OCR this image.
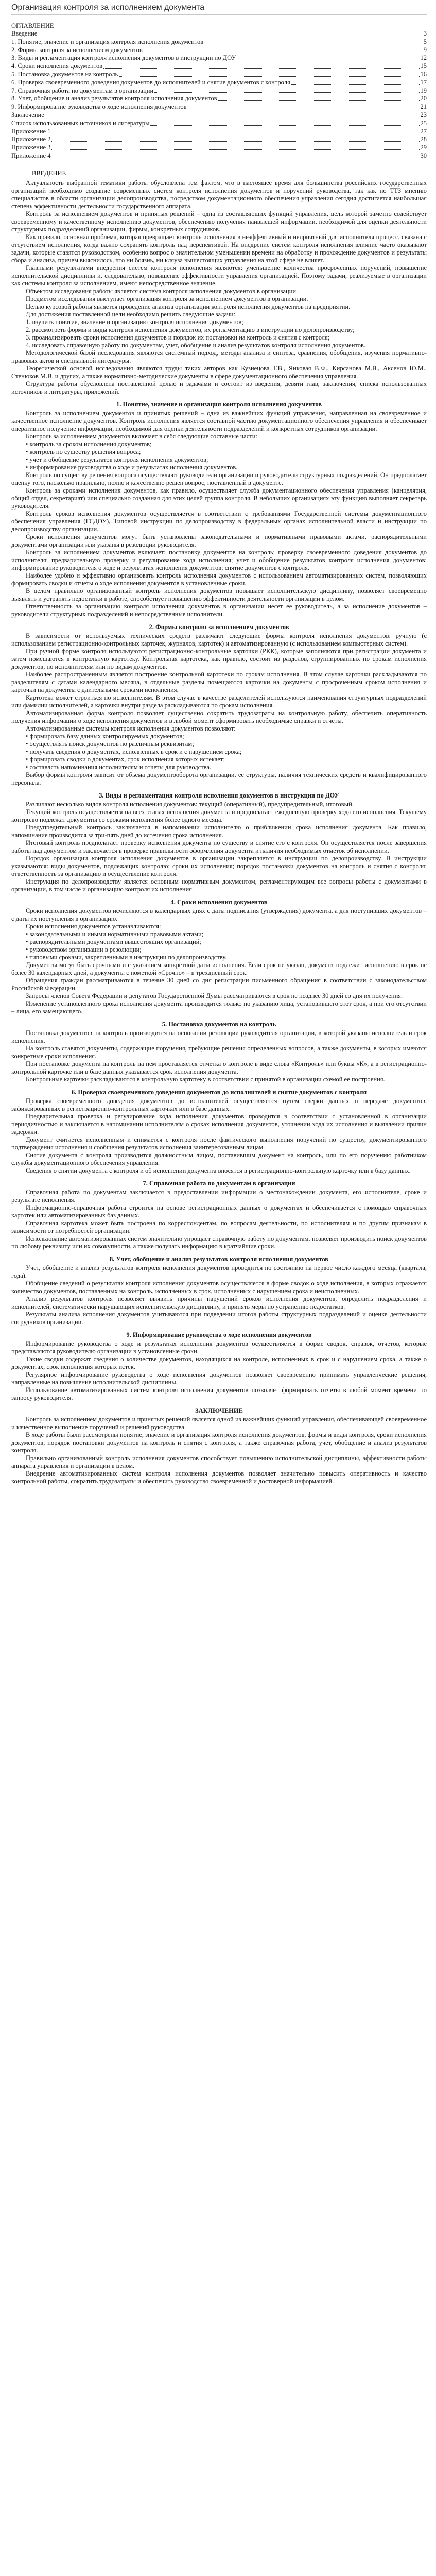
Организация контроля за исполнением документа
ОГЛАВЛЕНИЕ
Введение	3
1. Понятие, значение и организация контроля исполнения документов	5
2. Формы контроля за исполнением документов	9
3. Виды и регламентация контроля исполнения документов в инструкции по ДОУ	12
4. Сроки исполнения документов	15
5. Постановка документов на контроль	16
6. Проверка своевременного доведения документов до исполнителей и снятие документов с контроля	17
7. Справочная работа по документам в организации	19
8. Учет, обобщение и анализ результатов контроля исполнения документов	20
9. Информирование руководства о ходе исполнения документов	21
Заключение	23
Список использованных источников и литературы	25
Приложение 1	27
Приложение 2	28
Приложение 3	29
Приложение 4	30
ВВЕДЕНИЕ

Актуальность выбранной тематики работы обусловлена тем фактом, что в настоящее время для большинства российских государственных организаций необходимо создание современных систем контроля исполнения документов и поручений руководства, так как по ТТЗ мнению специалистов в области организации делопроизводства, посредством документационного обеспечения управления сегодня достигается наибольшая степень эффективности деятельности государственного аппарата.

Контроль за исполнением документов и принятых решений – одна из составляющих функций управления, цель которой заметно содействует своевременному и качественному исполнению документов, обеспечению получения наивысшей информации, необходимой для оценки деятельности структурных подразделений организации, фирмы, конкретных сотрудников.

Как правило, основная проблема, которая превращает контроль исполнения в неэффективный и неприятный для исполнителя процесс, связана с отсутствием исполнения, когда важно сохранять контроль над перспективой. На внедрение систем контроля исполнения влияние часто оказывают задачи, которые ставятся руководством, особенно вопрос о значительном уменьшении времени на обработку и прохождение документов и результаты сбора и анализа, причем выяснилось, что ни боязнь, ни кляуза вышестоящих управления на этой сфере не влияет.

Главными результатами внедрения систем контроля исполнения являются: уменьшение количества просроченных поручений, повышение исполнительской дисциплины и, следовательно, повышение эффективности управления организацией. Поэтому задачи, реализуемые в организации как системы контроля за исполнением, имеют непосредственное значение.

Объектом исследования работы является система контроля исполнения документов в организации.

Предметом исследования выступает организация контроля за исполнением документов в организации.

Целью курсовой работы является проведение анализа организации контроля исполнения документов на предприятии.

Для достижения поставленной цели необходимо решить следующие задачи:

1. изучить понятие, значение и организацию контроля исполнения документов;

2. рассмотреть формы и виды контроля исполнения документов, их регламентацию в инструкции по делопроизводству;

3. проанализировать сроки исполнения документов и порядок их постановки на контроль и снятия с контроля;

4. исследовать справочную работу по документам, учет, обобщение и анализ результатов контроля исполнения документов.

Методологической базой исследования являются системный подход, методы анализа и синтеза, сравнения, обобщения, изучения нормативно-правовых актов и специальной литературы.

Теоретической основой исследования являются труды таких авторов как Кузнецова Т.В., Янковая В.Ф., Кирсанова М.В., Аксенов Ю.М., Стенюков М.В. и других, а также нормативно-методические документы в сфере документационного обеспечения управления.

Структура работы обусловлена поставленной целью и задачами и состоит из введения, девяти глав, заключения, списка использованных источников и литературы, приложений.

1. Понятие, значение и организация контроля исполнения документов

Контроль за исполнением документов и принятых решений – одна из важнейших функций управления, направленная на своевременное и качественное исполнение документов. Контроль исполнения является составной частью документационного обеспечения управления и обеспечивает оперативное получение информации, необходимой для оценки деятельности подразделений и конкретных сотрудников организации.

Контроль за исполнением документов включает в себя следующие составные части:

• контроль за сроком исполнения документов;

• контроль по существу решения вопроса;

• учет и обобщение результатов контроля исполнения документов;

• информирование руководства о ходе и результатах исполнения документов.

Контроль по существу решения вопроса осуществляют руководители организации и руководители структурных подразделений. Он предполагает оценку того, насколько правильно, полно и качественно решен вопрос, поставленный в документе.

Контроль за сроками исполнения документов, как правило, осуществляет служба документационного обеспечения управления (канцелярия, общий отдел, секретариат) или специально созданная для этих целей группа контроля. В небольших организациях эту функцию выполняет секретарь руководителя.

Контроль сроков исполнения документов осуществляется в соответствии с требованиями Государственной системы документационного обеспечения управления (ГСДОУ), Типовой инструкции по делопроизводству в федеральных органах исполнительной власти и инструкции по делопроизводству организации.

Сроки исполнения документов могут быть установлены законодательными и нормативными правовыми актами, распорядительными документами организации или указаны в резолюции руководителя.

Контроль за исполнением документов включает: постановку документов на контроль; проверку своевременного доведения документов до исполнителя; предварительную проверку и регулирование хода исполнения; учет и обобщение результатов контроля исполнения документов; информирование руководителя о ходе и результатах исполнения документов; снятие документов с контроля.

Наиболее удобно и эффективно организовать контроль исполнения документов с использованием автоматизированных систем, позволяющих формировать сводки и отчеты о ходе исполнения документов в установленные сроки.

В целом правильно организованный контроль исполнения документов повышает исполнительскую дисциплину, позволяет своевременно выявлять и устранять недостатки в работе, способствует повышению эффективности деятельности организации в целом.

Ответственность за организацию контроля исполнения документов в организации несет ее руководитель, а за исполнение документов – руководители структурных подразделений и непосредственные исполнители.

2. Формы контроля за исполнением документов

В зависимости от используемых технических средств различают следующие формы контроля исполнения документов: ручную (с использованием регистрационно-контрольных карточек, журналов, картотек) и автоматизированную (с использованием компьютерных систем).

При ручной форме контроля используются регистрационно-контрольные карточки (РКК), которые заполняются при регистрации документа и затем помещаются в контрольную картотеку. Контрольная картотека, как правило, состоит из разделов, сгруппированных по срокам исполнения документов, по исполнителям или по видам документов.

Наиболее распространенным является построение контрольной картотеки по срокам исполнения. В этом случае карточки раскладываются по разделителям с датами календарного месяца, в отдельные разделы помещаются карточки на документы с просроченным сроком исполнения и карточки на документы с длительными сроками исполнения.

Картотека может строиться по исполнителям. В этом случае в качестве разделителей используются наименования структурных подразделений или фамилии исполнителей, а карточки внутри раздела раскладываются по срокам исполнения.

Автоматизированная форма контроля позволяет существенно сократить трудозатраты на контрольную работу, обеспечить оперативность получения информации о ходе исполнения документов и в любой момент сформировать необходимые справки и отчеты.

Автоматизированные системы контроля исполнения документов позволяют:

• формировать базу данных контролируемых документов;

• осуществлять поиск документов по различным реквизитам;

• получать сведения о документах, исполненных в срок и с нарушением срока;

• формировать сводки о документах, срок исполнения которых истекает;

• составлять напоминания исполнителям и отчеты для руководства.

Выбор формы контроля зависит от объема документооборота организации, ее структуры, наличия технических средств и квалифицированного персонала.

3. Виды и регламентация контроля исполнения документов в инструкции по ДОУ

Различают несколько видов контроля исполнения документов: текущий (оперативный), предупредительный, итоговый.

Текущий контроль осуществляется на всех этапах исполнения документа и предполагает ежедневную проверку хода его исполнения. Текущему контролю подлежат документы со сроками исполнения более одного месяца.

Предупредительный контроль заключается в напоминании исполнителю о приближении срока исполнения документа. Как правило, напоминание производится за три-пять дней до истечения срока исполнения.

Итоговый контроль предполагает проверку исполнения документа по существу и снятие его с контроля. Он осуществляется после завершения работы над документом и заключается в проверке правильности оформления документа и наличия необходимых отметок об исполнении.

Порядок организации контроля исполнения документов в организации закрепляется в инструкции по делопроизводству. В инструкции указываются: виды документов, подлежащих контролю; сроки их исполнения; порядок постановки документов на контроль и снятия с контроля; ответственность за организацию и осуществление контроля.

Инструкция по делопроизводству является основным нормативным документом, регламентирующим все вопросы работы с документами в организации, в том числе и организацию контроля их исполнения.

4. Сроки исполнения документов

Сроки исполнения документов исчисляются в календарных днях с даты подписания (утверждения) документа, а для поступивших документов – с даты их поступления в организацию.

Сроки исполнения документов устанавливаются:

• законодательными и иными нормативными правовыми актами;

• распорядительными документами вышестоящих организаций;

• руководством организации в резолюции;

• типовыми сроками, закрепленными в инструкции по делопроизводству.

Документы могут быть срочными и с указанием конкретной даты исполнения. Если срок не указан, документ подлежит исполнению в срок не более 30 календарных дней, а документы с пометкой «Срочно» – в трехдневный срок.

Обращения граждан рассматриваются в течение 30 дней со дня регистрации письменного обращения в соответствии с законодательством Российской Федерации.

Запросы членов Совета Федерации и депутатов Государственной Думы рассматриваются в срок не позднее 30 дней со дня их получения.

Изменение установленного срока исполнения документа производится только по указанию лица, установившего этот срок, а при его отсутствии – лица, его замещающего.

5. Постановка документов на контроль

Постановка документов на контроль производится на основании резолюции руководителя организации, в которой указаны исполнитель и срок исполнения.

На контроль ставятся документы, содержащие поручения, требующие решения определенных вопросов, а также документы, в которых имеются конкретные сроки исполнения.

При постановке документа на контроль на нем проставляется отметка о контроле в виде слова «Контроль» или буквы «К», а в регистрационно-контрольной карточке или в базе данных указывается срок исполнения документа.

Контрольные карточки раскладываются в контрольную картотеку в соответствии с принятой в организации схемой ее построения.

6. Проверка своевременного доведения документов до исполнителей и снятие документов с контроля

Проверка своевременного доведения документов до исполнителей осуществляется путем сверки данных о передаче документов, зафиксированных в регистрационно-контрольных карточках или в базе данных.

Предварительная проверка и регулирование хода исполнения документов проводится в соответствии с установленной в организации периодичностью и заключается в напоминании исполнителям о сроках исполнения документов, уточнении хода их исполнения и выявлении причин задержки.

Документ считается исполненным и снимается с контроля после фактического выполнения поручений по существу, документированного подтверждения исполнения и сообщения результатов исполнения заинтересованным лицам.

Снятие документа с контроля производится должностным лицом, поставившим документ на контроль, или по его поручению работником службы документационного обеспечения управления.

Сведения о снятии документа с контроля и об исполнении документа вносятся в регистрационно-контрольную карточку или в базу данных.

7. Справочная работа по документам в организации

Справочная работа по документам заключается в предоставлении информации о местонахождении документа, его исполнителе, сроке и результате исполнения.

Информационно-справочная работа строится на основе регистрационных данных о документах и обеспечивается с помощью справочных картотек или автоматизированных баз данных.

Справочная картотека может быть построена по корреспондентам, по вопросам деятельности, по исполнителям и по другим признакам в зависимости от потребностей организации.

Использование автоматизированных систем значительно упрощает справочную работу по документам, позволяет производить поиск документов по любому реквизиту или их совокупности, а также получать информацию в кратчайшие сроки.

8. Учет, обобщение и анализ результатов контроля исполнения документов

Учет, обобщение и анализ результатов контроля исполнения документов проводится по состоянию на первое число каждого месяца (квартала, года).

Обобщение сведений о результатах контроля исполнения документов осуществляется в форме сводок о ходе исполнения, в которых отражается количество документов, поставленных на контроль, исполненных в срок, исполненных с нарушением срока и неисполненных.

Анализ результатов контроля позволяет выявить причины нарушений сроков исполнения документов, определить подразделения и исполнителей, систематически нарушающих исполнительскую дисциплину, и принять меры по устранению недостатков.

Результаты анализа исполнения документов учитываются при подведении итогов работы структурных подразделений и оценке деятельности сотрудников организации.

9. Информирование руководства о ходе исполнения документов

Информирование руководства о ходе и результатах исполнения документов осуществляется в форме сводок, справок, отчетов, которые представляются руководителю организации в установленные сроки.

Такие сводки содержат сведения о количестве документов, находящихся на контроле, исполненных в срок и с нарушением срока, а также о документах, срок исполнения которых истек.

Регулярное информирование руководства о ходе исполнения документов позволяет своевременно принимать управленческие решения, направленные на повышение исполнительской дисциплины.

Использование автоматизированных систем контроля исполнения документов позволяет формировать отчеты в любой момент времени по запросу руководителя.

ЗАКЛЮЧЕНИЕ

Контроль за исполнением документов и принятых решений является одной из важнейших функций управления, обеспечивающей своевременное и качественное выполнение поручений и решений руководства.

В ходе работы были рассмотрены понятие, значение и организация контроля исполнения документов, формы и виды контроля, сроки исполнения документов, порядок постановки документов на контроль и снятия с контроля, а также справочная работа, учет, обобщение и анализ результатов контроля.

Правильно организованный контроль исполнения документов способствует повышению исполнительской дисциплины, эффективности работы аппарата управления и организации в целом.

Внедрение автоматизированных систем контроля исполнения документов позволяет значительно повысить оперативность и качество контрольной работы, сократить трудозатраты и обеспечить руководство своевременной и достоверной информацией.
